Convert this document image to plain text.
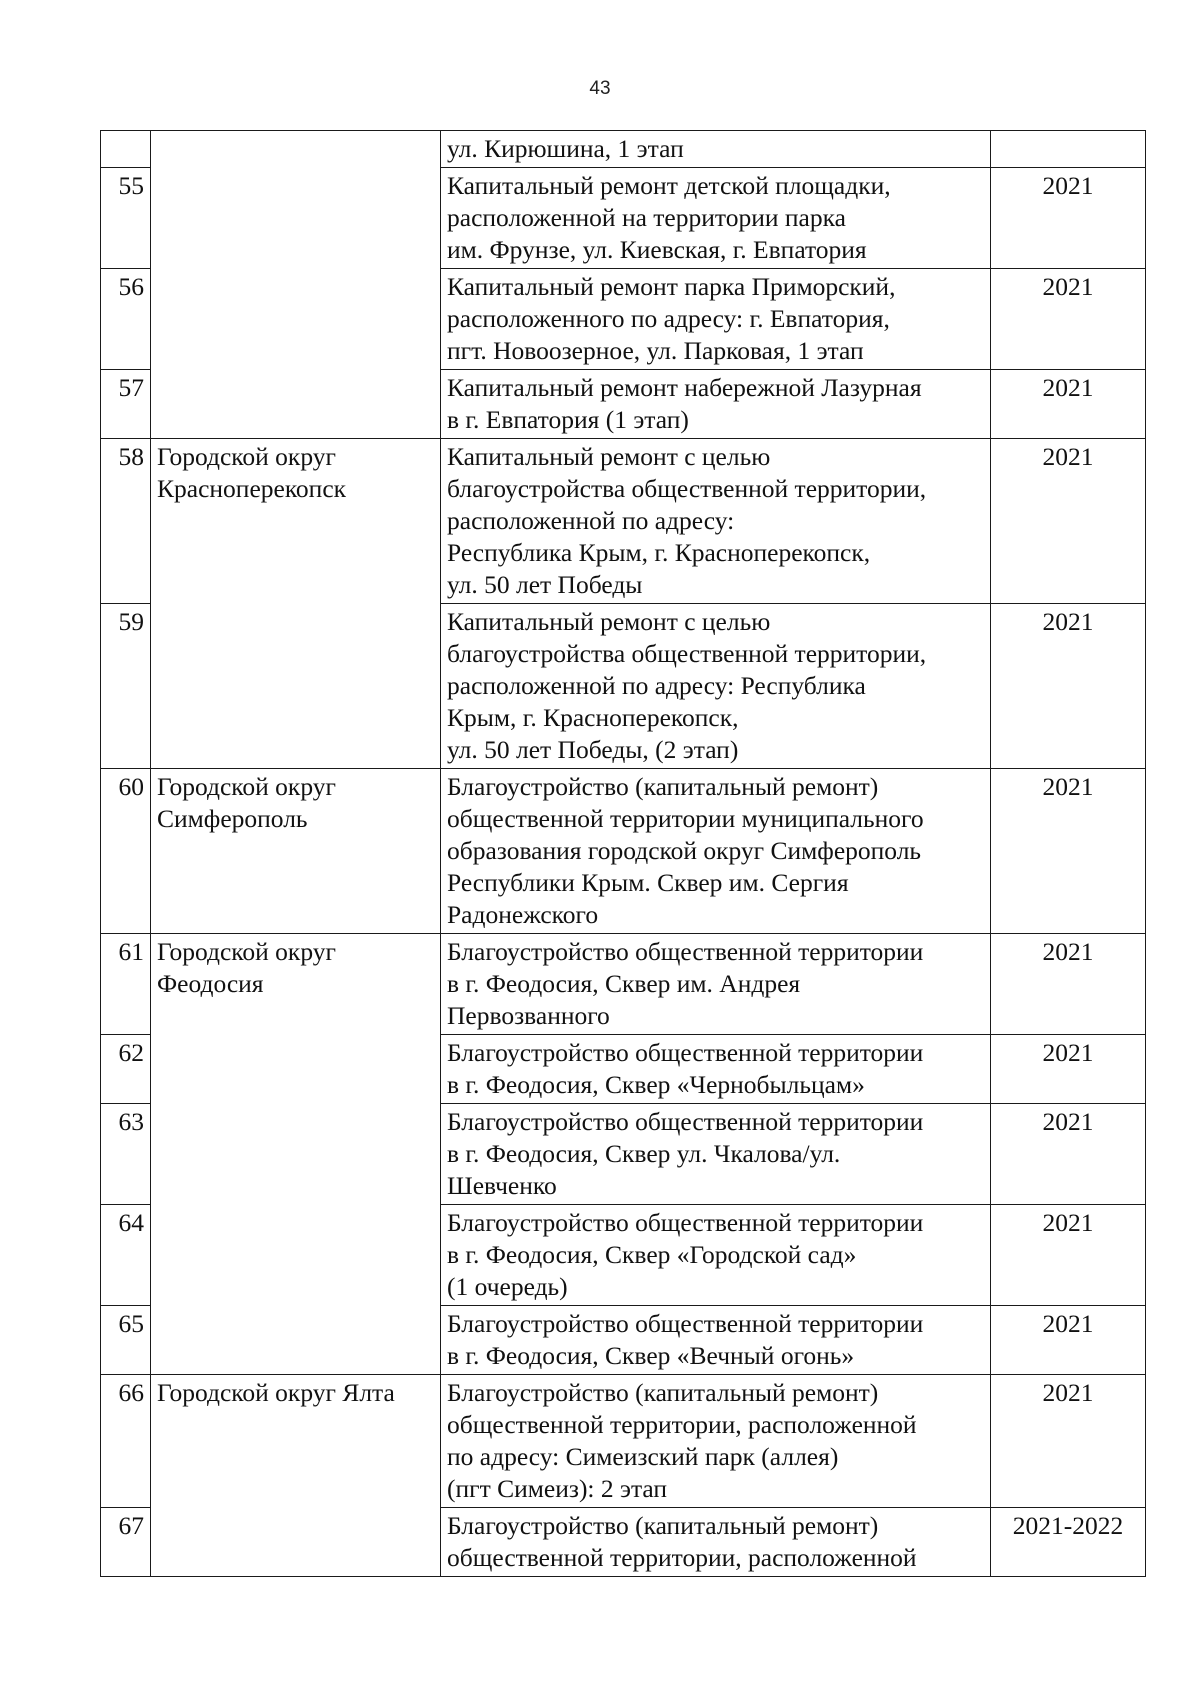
43

		ул. Кирюшина, 1 этап	

55		Капитальный ремонт детской площадки,
расположенной на территории парка
им. Фрунзе, ул. Киевская, г. Евпатория	2021
56		Капитальный ремонт парка Приморский,
расположенного по адресу: г. Евпатория,
пгт. Новоозерное, ул. Парковая, 1 этап	2021
57		Капитальный ремонт набережной Лазурная
в г. Евпатория (1 этап)	2021
58	Городской округ
Красноперекопск	Капитальный ремонт с целью
благоустройства общественной территории,
расположенной по адресу:
Республика Крым, г. Красноперекопск,
ул. 50 лет Победы	2021
59		Капитальный ремонт с целью
благоустройства общественной территории,
расположенной по адресу: Республика
Крым, г. Красноперекопск,
ул. 50 лет Победы, (2 этап)	2021
60	Городской округ
Симферополь	Благоустройство (капитальный ремонт)
общественной территории муниципального
образования городской округ Симферополь
Республики Крым. Сквер им. Сергия
Радонежского	2021
61	Городской округ
Феодосия	Благоустройство общественной территории
в г. Феодосия, Сквер им. Андрея
Первозванного	2021
62		Благоустройство общественной территории
в г. Феодосия, Сквер «Чернобыльцам»	2021
63		Благоустройство общественной территории
в г. Феодосия, Сквер ул. Чкалова/ул.
Шевченко	2021
64		Благоустройство общественной территории
в г. Феодосия, Сквер «Городской сад»
(1 очередь)	2021
65		Благоустройство общественной территории
в г. Феодосия, Сквер «Вечный огонь»	2021
66	Городской округ Ялта	Благоустройство (капитальный ремонт)
общественной территории, расположенной
по адресу: Симеизский парк (аллея)
(пгт Симеиз): 2 этап	2021
67		Благоустройство (капитальный ремонт)
общественной территории, расположенной	2021-2022
